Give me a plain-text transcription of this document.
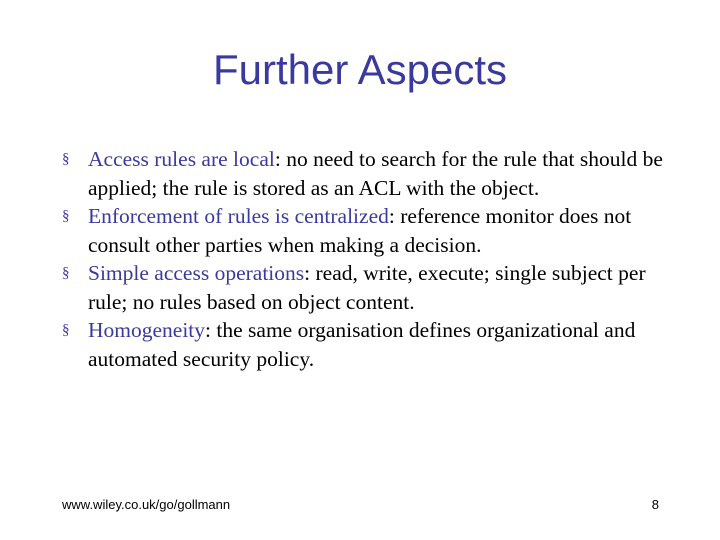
Further Aspects
§ Access rules are local: no need to search for the rule that should be applied; the rule is stored as an ACL with the object.
§ Enforcement of rules is centralized: reference monitor does not consult other parties when making a decision.
§ Simple access operations: read, write, execute; single subject per rule; no rules based on object content.
§ Homogeneity: the same organisation defines organizational and automated security policy.
www.wiley.co.uk/go/gollmann	8
